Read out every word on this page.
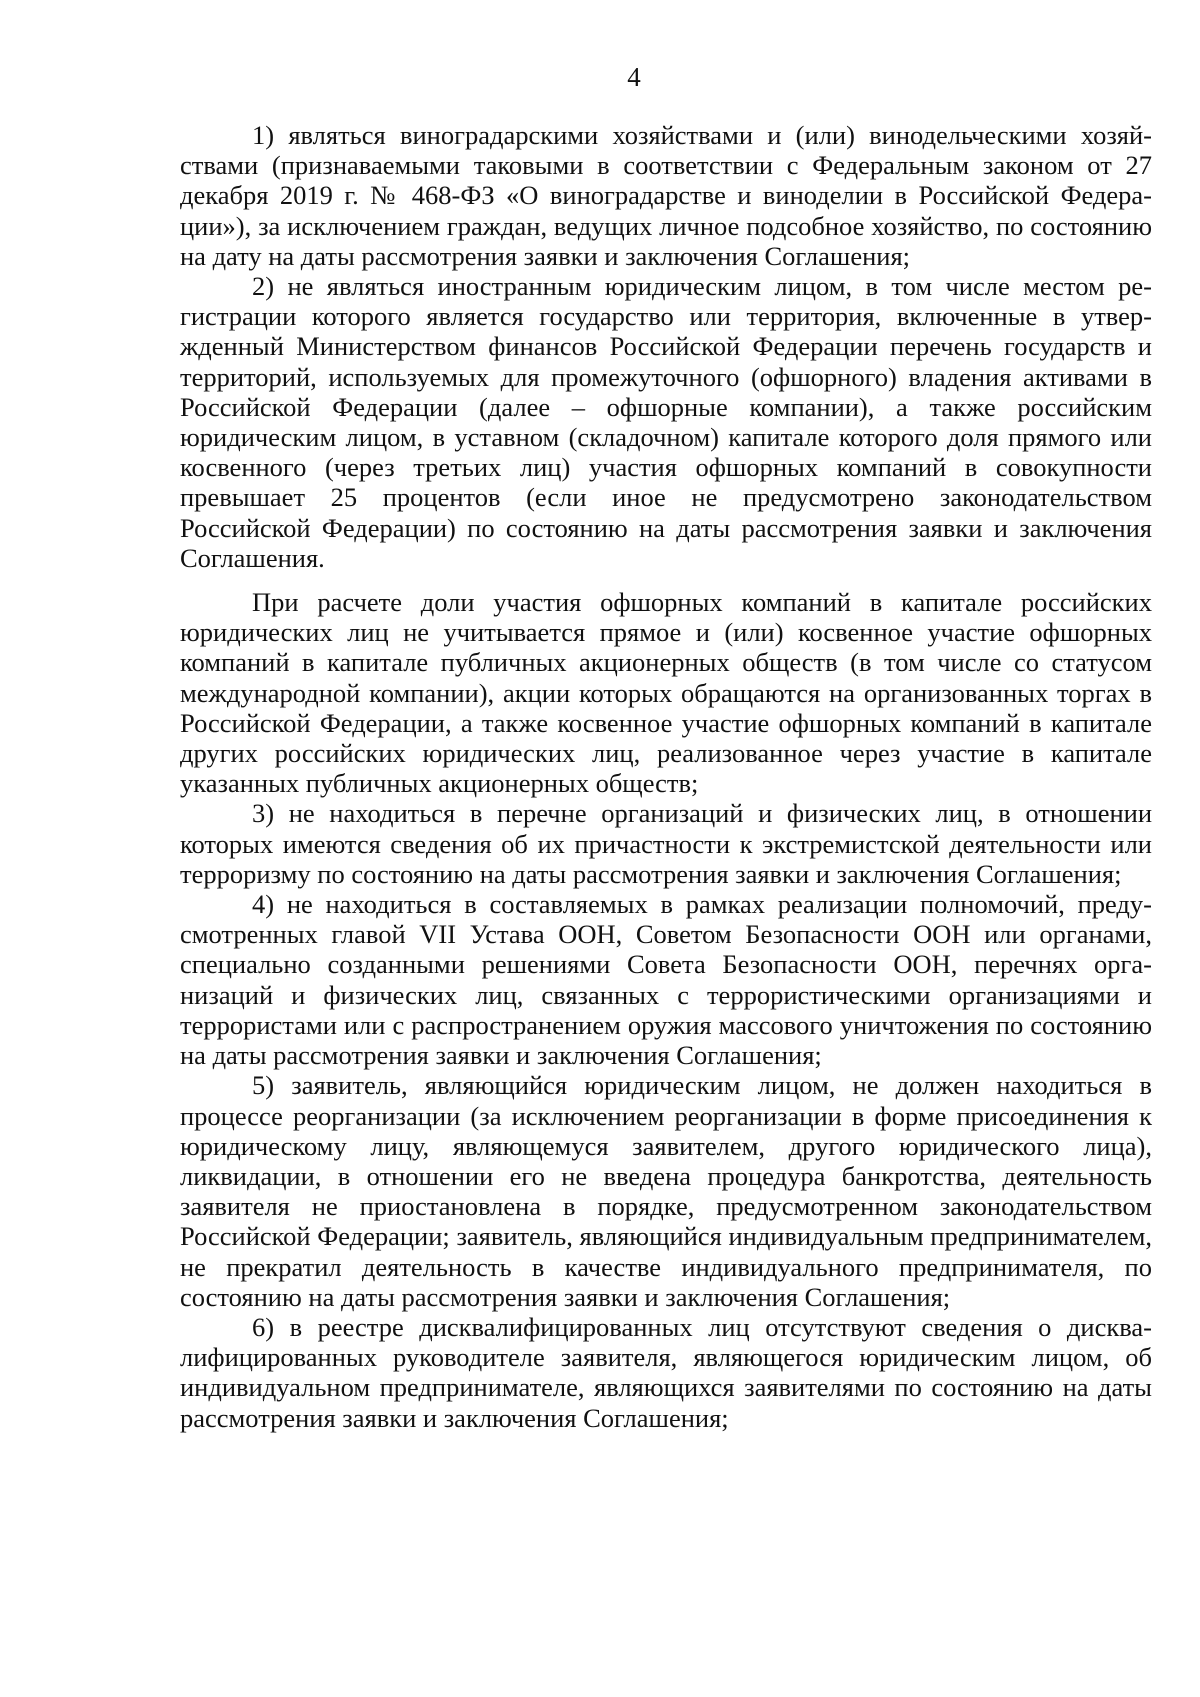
4

1) являться виноградарскими хозяйствами и (или) винодельческими хозяйствами (признаваемыми таковыми в соответствии с Федеральным законом от 27 декабря 2019 г. № 468-ФЗ «О виноградарстве и виноделии в Российской Федерации»), за исключением граждан, ведущих личное подсобное хозяйство, по состоянию на дату на даты рассмотрения заявки и заключения Соглашения;

2) не являться иностранным юридическим лицом, в том числе местом регистрации которого является государство или территория, включенные в утвержденный Министерством финансов Российской Федерации перечень государств и территорий, используемых для промежуточного (офшорного) владения активами в Российской Федерации (далее – офшорные компании), а также российским юридическим лицом, в уставном (складочном) капитале которого доля прямого или косвенного (через третьих лиц) участия офшорных компаний в совокупности превышает 25 процентов (если иное не предусмотрено законодательством Российской Федерации) по состоянию на даты рассмотрения заявки и заключения Соглашения.

При расчете доли участия офшорных компаний в капитале российских юридических лиц не учитывается прямое и (или) косвенное участие офшорных компаний в капитале публичных акционерных обществ (в том числе со статусом международной компании), акции которых обращаются на организованных торгах в Российской Федерации, а также косвенное участие офшорных компаний в капитале других российских юридических лиц, реализованное через участие в капитале указанных публичных акционерных обществ;

3) не находиться в перечне организаций и физических лиц, в отношении которых имеются сведения об их причастности к экстремистской деятельности или терроризму по состоянию на даты рассмотрения заявки и заключения Соглашения;

4) не находиться в составляемых в рамках реализации полномочий, предусмотренных главой VII Устава ООН, Советом Безопасности ООН или органами, специально созданными решениями Совета Безопасности ООН, перечнях организаций и физических лиц, связанных с террористическими организациями и террористами или с распространением оружия массового уничтожения по состоянию на даты рассмотрения заявки и заключения Соглашения;

5) заявитель, являющийся юридическим лицом, не должен находиться в процессе реорганизации (за исключением реорганизации в форме присоединения к юридическому лицу, являющемуся заявителем, другого юридического лица), ликвидации, в отношении его не введена процедура банкротства, деятельность заявителя не приостановлена в порядке, предусмотренном законодательством Российской Федерации; заявитель, являющийся индивидуальным предпринимателем, не прекратил деятельность в качестве индивидуального предпринимателя, по состоянию на даты рассмотрения заявки и заключения Соглашения;

6) в реестре дисквалифицированных лиц отсутствуют сведения о дисквалифицированных руководителе заявителя, являющегося юридическим лицом, об индивидуальном предпринимателе, являющихся заявителями по состоянию на даты рассмотрения заявки и заключения Соглашения;
